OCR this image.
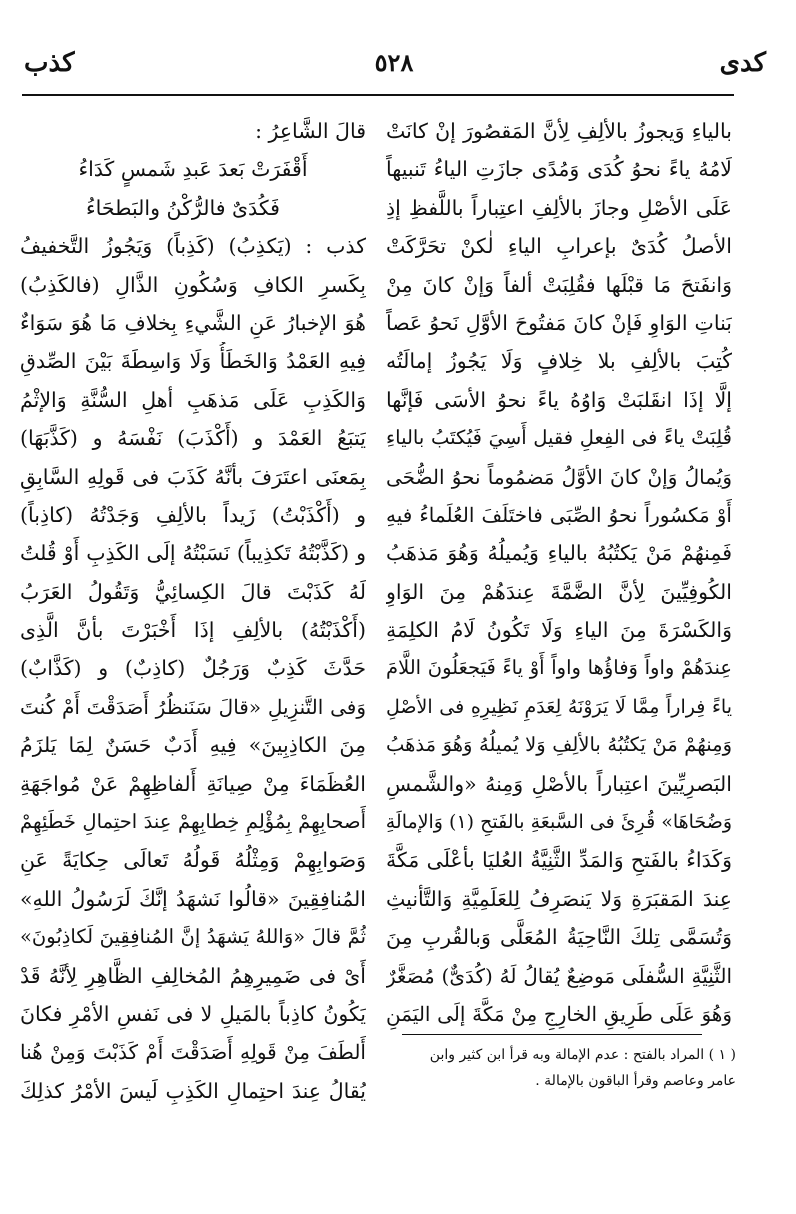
كذب	٥٢٨	كدى
بالياءِ وَيجوزُ بالألِفِ لِأنَّ المَقصُورَ إنْ كانَتْ
لَامُهُ ياءً نحوُ كُدَى وَمُدًى جازَتِ الياءُ تَنبيهاً
عَلَى الأصْلِ وجازَ بالألِفِ اعتِباراً باللَّفظِ إذِ
الأصلُ كُدَىٌ بإعرابِ الياءِ لٰكنْ تحَرَّكَتْ
وَانفَتحَ مَا قبْلَها فقُلِبَتْ ألفاً وَإنْ كانَ مِنْ
بَناتِ الوَاوِ فَإنْ كانَ مَفتُوحَ الأوَّلِ نَحوُ عَصاً
كُتِبَ بالألِفِ بلا خِلافٍ وَلَا يَجُوزُ إمالَتُه
إلَّا إذَا انقَلبَتْ وَاوُهُ ياءً نحوُ الأسَى فَإنَّها
قُلِبَتْ ياءً فى الفِعلِ فقيل أَسِيَ فَيُكتَبُ بالياءِ
وَيُمالُ وَإنْ كانَ الأوَّلُ مَضمُوماً نحوُ الضُّحَى
أَوْ مَكسُوراً نحوُ الصِّبَى فاختَلَفَ العُلَماءُ فيهِ
فَمِنهُمْ مَنْ يَكتُبُهُ بالياءِ وَيُميلُهُ وَهُوَ مَذهَبُ
الكُوفِيِّينَ لِأنَّ الضَّمَّةَ عِندَهُمْ مِنَ الوَاوِ
وَالكَسْرَةَ مِنَ الياءِ وَلَا تَكُونُ لَامُ الكلِمَةِ
عِندَهُمْ واواً وَفاؤُها واواً أَوْ ياءً فَيَجعَلُونَ اللَّامَ
ياءً فِراراً مِمَّا لَا يَرَوْنَهُ لِعَدَمِ نَظِيرِهِ فى الأصْلِ
وَمِنهُمْ مَنْ يَكتُبُهُ بالألِفِ وَلا يُميلُهُ وَهُوَ مَذهَبُ
البَصرِيِّينَ اعتِباراً بالأصْلِ وَمِنهُ «والشَّمسِ
وَضُحَاهَا» قُرِئَ فى السَّبعَةِ بالفَتحِ (١) وَالإمالَةِ
وَكَدَاءُ بالفَتحِ وَالمَدِّ الثَّنِيَّةُ العُليَا بأعْلَى مَكَّةَ
عِندَ المَقبَرَةِ وَلا يَنصَرِفُ لِلعَلَمِيَّةِ وَالتَّأنيثِ
وَتُسَمَّى تِلكَ النَّاحِيَةُ المُعَلَّى وَبالقُربِ مِنَ
الثَّنِيَّةِ السُّفلَى مَوضِعٌ يُقالُ لَهُ (كُدَىٌّ) مُصَغَّرٌ
وَهُوَ عَلَى طَرِيقِ الخارِجِ مِنْ مَكَّةَ إلَى اليَمَنِ
قالَ الشَّاعِرُ :
أَقْفَرَتْ بَعدَ عَبدِ شَمسٍ كَدَاءُ
فَكُدَىٌ فالرُّكْنُ والبَطحَاءُ
كذب : (يَكذِبُ) (كَذِباً) وَيَجُوزُ التَّخفيفُ
بِكَسرِ الكافِ وَسُكُونِ الذَّالِ (فالكَذِبُ)
هُوَ الإخبارُ عَنِ الشَّيءِ بِخلافِ مَا هُوَ سَوَاءٌ
فِيهِ العَمْدُ وَالخَطَأُ وَلَا وَاسِطَةَ بَيْنَ الصِّدقِ
وَالكَذِبِ عَلَى مَذهَبِ أهلِ السُّنَّةِ وَالإثْمُ
يَتبَعُ العَمْدَ و (أَكْذَبَ) نَفْسَهُ و (كَذَّبَهَا)
بِمَعنَى اعتَرَفَ بأنَّهُ كَذَبَ فى قَولِهِ السَّابِقِ
و (أَكْذَبْتُ) زَيداً بالألِفِ وَجَدْتُهُ (كاذِباً)
و (كَذَّبْتُهُ تَكذِيباً) نَسَبْتُهُ إلَى الكَذِبِ أَوْ قُلتُ
لَهُ كَذَبْتَ قالَ الكِسائِيُّ وَتَقُولُ العَرَبُ
(أَكْذَبْتُهُ) بالألِفِ إذَا أَخْبَرْتَ بأنَّ الَّذِى
حَدَّثَ كَذِبٌ وَرَجُلٌ (كاذِبٌ) و (كَذَّابٌ)
وَفى التَّنزِيلِ «قالَ سَنَنظُرُ أَصَدَقْتَ أَمْ كُنتَ
مِنَ الكاذِبِينَ» فِيهِ أَدَبٌ حَسَنٌ لِمَا يَلزَمُ
العُظَمَاءَ مِنْ صِيانَةِ أَلفاظِهِمْ عَنْ مُواجَهَةِ
أَصحابِهِمْ بِمُؤْلِمِ خِطابِهِمْ عِندَ احتِمالِ خَطَئِهِمْ
وَصَوابِهِمْ وَمِثْلُهُ قَولُهُ تَعالَى حِكايَةً عَنِ
المُنافِقِينَ «قالُوا نَشهَدُ إنَّكَ لَرَسُولُ اللهِ»
ثُمَّ قالَ «وَاللهُ يَشهَدُ إنَّ المُنافِقِينَ لَكاذِبُونَ»
أَىْ فى ضَمِيرِهِمُ المُخالِفِ الظَّاهِرِ لِأنَّهُ قَدْ
يَكُونُ كاذِباً بالمَيلِ لا فى نَفسِ الأمْرِ فكانَ
أَلطَفَ مِنْ قَولِهِ أَصَدَقْتَ أَمْ كَذَبْتَ وَمِنْ هُنا
يُقالُ عِندَ احتِمالِ الكَذِبِ لَيسَ الأمْرُ كذلِكَ
( ١ ) المراد بالفتح : عدم الإمالة وبه قرأ ابن كثير وابن
عامر وعاصم وقرأ الباقون بالإمالة .
